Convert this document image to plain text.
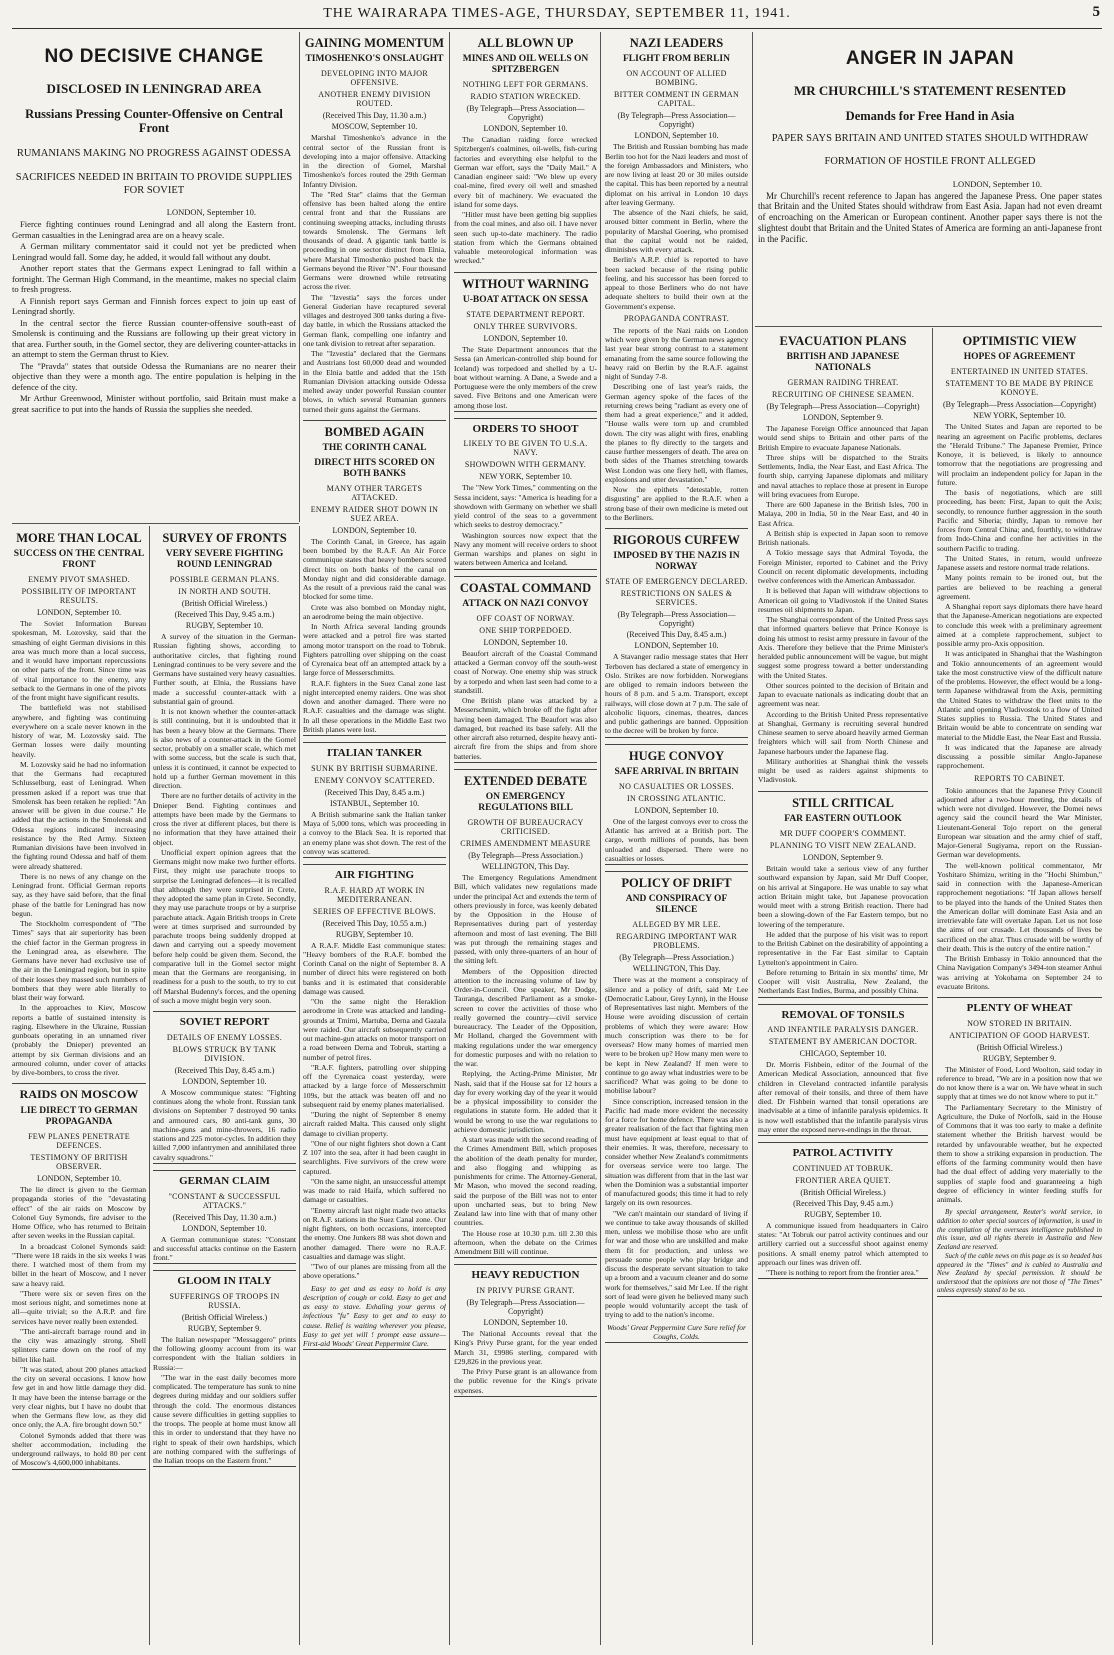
THE WAIRARAPA TIMES-AGE, THURSDAY, SEPTEMBER 11, 1941.	5
NO DECISIVE CHANGE
DISCLOSED IN LENINGRAD AREA
Russians Pressing Counter-Offensive on Central Front
RUMANIANS MAKING NO PROGRESS AGAINST ODESSA
SACRIFICES NEEDED IN BRITAIN TO PROVIDE SUPPLIES FOR SOVIET
LONDON, September 10.

Fierce fighting continues round Leningrad and all along the Eastern front. German casualties in the Leningrad area are on a heavy scale.

A German military commentator said it could not yet be predicted when Leningrad would fall. Some day, he added, it would fall without any doubt.

Another report states that the Germans expect Leningrad to fall within a fortnight. The German High Command, in the meantime, makes no special claim to fresh progress.

A Finnish report says German and Finnish forces expect to join up east of Leningrad shortly.

In the central sector the fierce Russian counter-offensive south-east of Smolensk is continuing and the Russians are following up their great victory in that area. Further south, in the Gomel sector, they are delivering counter-attacks in an attempt to stem the German thrust to Kiev.

The "Pravda" states that outside Odessa the Rumanians are no nearer their objective than they were a month ago. The entire population is helping in the defence of the city.

Mr Arthur Greenwood, Minister without portfolio, said Britain must make a great sacrifice to put into the hands of Russia the supplies she needed.

GAINING MOMENTUM
TIMOSHENKO'S ONSLAUGHT
DEVELOPING INTO MAJOR OFFENSIVE.
ANOTHER ENEMY DIVISION ROUTED.
(Received This Day, 11.30 a.m.)
MOSCOW, September 10.

Marshal Timoshenko's advance in the central sector of the Russian front is developing into a major offensive. Attacking in the direction of Gomel, Marshal Timoshenko's forces routed the 29th German Infantry Division.

The "Red Star" claims that the German offensive has been halted along the entire central front and that the Russians are continuing sweeping attacks, including thrusts towards Smolensk. The Germans left thousands of dead. A gigantic tank battle is proceeding in one sector distinct from Elnia, where Marshal Timoshenko pushed back the Germans beyond the River "N". Four thousand Germans were drowned while retreating across the river.

The "Izvestia" says the forces under General Guderian have recaptured several villages and destroyed 300 tanks during a five-day battle, in which the Russians attacked the German flank, compelling one infantry and one tank division to retreat after separation.

The "Izvestia" declared that the Germans and Austrians lost 60,000 dead and wounded in the Elnia battle and added that the 15th Rumanian Division attacking outside Odessa melted away under powerful Russian counter blows, in which several Rumanian gunners turned their guns against the Germans.

BOMBED AGAIN
THE CORINTH CANAL
DIRECT HITS SCORED ON BOTH BANKS
MANY OTHER TARGETS ATTACKED.
ENEMY RAIDER SHOT DOWN IN SUEZ AREA.
LONDON, September 10.

The Corinth Canal, in Greece, has again been bombed by the R.A.F. An Air Force communique states that heavy bombers scored direct hits on both banks of the canal on Monday night and did considerable damage. As the result of a previous raid the canal was blocked for some time.

Crete was also bombed on Monday night, an aerodrome being the main objective.

In North Africa several landing grounds were attacked and a petrol fire was started among motor transport on the road to Tobruk. Fighters patrolling over shipping on the coast of Cyrenaica beat off an attempted attack by a large force of Messerschmitts.

R.A.F. fighters in the Suez Canal zone last night intercepted enemy raiders. One was shot down and another damaged. There were no R.A.F. casualties and the damage was slight. In all these operations in the Middle East two British planes were lost.

ITALIAN TANKER
SUNK BY BRITISH SUBMARINE.
ENEMY CONVOY SCATTERED.
(Received This Day, 8.45 a.m.)
ISTANBUL, September 10.

A British submarine sank the Italian tanker Maya of 5,000 tons, which was proceeding in a convoy to the Black Sea. It is reported that an enemy plane was shot down. The rest of the convoy was scattered.

AIR FIGHTING
R.A.F. HARD AT WORK IN MEDITERRANEAN.
SERIES OF EFFECTIVE BLOWS.
(Received This Day, 10.55 a.m.)
RUGBY, September 10.

A R.A.F. Middle East communique states: "Heavy bombers of the R.A.F. bombed the Corinth Canal on the night of September 8. A number of direct hits were registered on both banks and it is estimated that considerable damage was caused.

"On the same night the Heraklion aerodrome in Crete was attacked and landing-grounds at Tmimi, Martuba, Derna and Gazala were raided. Our aircraft subsequently carried out machine-gun attacks on motor transport on a road between Derna and Tobruk, starting a number of petrol fires.

"R.A.F. fighters, patrolling over shipping off the Cyrenaica coast yesterday, were attacked by a large force of Messerschmitt 109s, but the attack was beaten off and no subsequent raid by enemy planes materialised.

"During the night of September 8 enemy aircraft raided Malta. This caused only slight damage to civilian property.

"One of our night fighters shot down a Cant Z 107 into the sea, after it had been caught in searchlights. Five survivors of the crew were captured.

"On the same night, an unsuccessful attempt was made to raid Haifa, which suffered no damage or casualties.

"Enemy aircraft last night made two attacks on R.A.F. stations in the Suez Canal zone. Our night fighters, on both occasions, intercepted the enemy. One Junkers 88 was shot down and another damaged. There were no R.A.F. casualties and damage was slight.

"Two of our planes are missing from all the above operations."

Easy to get and as easy to hold is any description of cough or cold. Easy to get and as easy to stave. Exhaling your germs of infectious "fu" Easy to get and to easy to cause. Relief is waiting wherever you please, Easy to get yet will ! prompt ease assure— First-aid Woods' Great Peppermint Cure.

MORE THAN LOCAL
SUCCESS ON THE CENTRAL FRONT
ENEMY PIVOT SMASHED.
POSSIBILITY OF IMPORTANT RESULTS.
LONDON, September 10.

The Soviet Information Bureau spokesman, M. Lozovsky, said that the smashing of eight German divisions in this area was much more than a local success, and it would have important repercussions on other parts of the front. Since time was of vital importance to the enemy, any setback to the Germans in one of the pivots of the front might have significant results.

The battlefield was not stabilised anywhere, and fighting was continuing everywhere on a scale never known in the history of war, M. Lozovsky said. The German losses were daily mounting heavily.

M. Lozovsky said he had no information that the Germans had recaptured Schlusselburg, east of Leningrad. When pressmen asked if a report was true that Smolensk has been retaken he replied: "An answer will be given in due course." He added that the actions in the Smolensk and Odessa regions indicated increasing resistance by the Red Army. Sixteen Rumanian divisions have been involved in the fighting round Odessa and half of them were already shattered.

There is no news of any change on the Leningrad front. Official German reports say, as they have said before, that the final phase of the battle for Leningrad has now begun.

The Stockholm correspondent of "The Times" says that air superiority has been the chief factor in the German progress in the Leningrad area, as elsewhere. The Germans have never had exclusive use of the air in the Leningrad region, but in spite of their losses they massed such numbers of bombers that they were able literally to blast their way forward.

In the approaches to Kiev, Moscow reports a battle of sustained intensity is raging. Elsewhere in the Ukraine, Russian gunboats operating in an unnamed river (probably the Dnieper) prevented an attempt by six German divisions and an armoured column, under cover of attacks by dive-bombers, to cross the river.

RAIDS ON MOSCOW
LIE DIRECT TO GERMAN PROPAGANDA
FEW PLANES PENETRATE DEFENCES.
TESTIMONY OF BRITISH OBSERVER.
LONDON, September 10.

The lie direct is given to the German propaganda stories of the "devastating effect" of the air raids on Moscow by Colonel Guy Symonds, fire adviser to the Home Office, who has returned to Britain after seven weeks in the Russian capital.

In a broadcast Colonel Symonds said: "There were 18 raids in the six weeks I was there. I watched most of them from my billet in the heart of Moscow, and I never saw a heavy raid.

"There were six or seven fires on the most serious night, and sometimes none at all—quite trivial; so the A.R.P. and fire services have never really been extended.

"The anti-aircraft barrage round and in the city was amazingly strong. Shell splinters came down on the roof of my billet like hail.

"It was stated, about 200 planes attacked the city on several occasions. I know how few get in and how little damage they did. It may have been the intense barrage or the very clear nights, but I have no doubt that when the Germans flew low, as they did once only, the A.A. fire brought down 50."

Colonel Symonds added that there was shelter accommodation, including the underground railways, to hold 80 per cent of Moscow's 4,600,000 inhabitants.

SURVEY OF FRONTS
VERY SEVERE FIGHTING ROUND LENINGRAD
POSSIBLE GERMAN PLANS.
IN NORTH AND SOUTH.
(British Official Wireless.)
(Received This Day, 9.45 a.m.)
RUGBY, September 10.

A survey of the situation in the German-Russian fighting shows, according to authoritative circles, that fighting round Leningrad continues to be very severe and the Germans have sustained very heavy casualties. Further south, at Elnia, the Russians have made a successful counter-attack with a substantial gain of ground.

It is not known whether the counter-attack is still continuing, but it is undoubted that it has been a heavy blow at the Germans. There is also news of a counter-attack in the Gomel sector, probably on a smaller scale, which met with some success, but the scale is such that, unless it is continued, it cannot be expected to hold up a further German movement in this direction.

There are no further details of activity in the Dnieper Bend. Fighting continues and attempts have been made by the Germans to cross the river at different places, but there is no information that they have attained their object.

Unofficial expert opinion agrees that the Germans might now make two further efforts. First, they might use parachute troops to surprise the Leningrad defences—it is recalled that although they were surprised in Crete, they adopted the same plan in Crete. Secondly, they may use parachute troops or by a surprise parachute attack. Again British troops in Crete were at times surprised and surrounded by parachute troops being suddenly dropped at dawn and carrying out a speedy movement before help could be given them. Second, the comparative lull in the Gomel sector might mean that the Germans are reorganising, in readiness for a push to the south, to try to cut off Marshal Budenny's forces, and the opening of such a move might begin very soon.

SOVIET REPORT
DETAILS OF ENEMY LOSSES.
BLOWS STRUCK BY TANK DIVISION.
(Received This Day, 8.45 a.m.)
LONDON, September 10.

A Moscow communique states: "Fighting continues along the whole front. Russian tank divisions on September 7 destroyed 90 tanks and armoured cars, 80 anti-tank guns, 30 machine-guns and mine-throwers, 16 radio stations and 225 motor-cycles. In addition they killed 7,000 infantrymen and annihilated three cavalry squadrons."

GERMAN CLAIM
"CONSTANT & SUCCESSFUL ATTACKS."
(Received This Day, 11.30 a.m.)
LONDON, September 10.

A German communique states: "Constant and successful attacks continue on the Eastern front."

GLOOM IN ITALY
SUFFERINGS OF TROOPS IN RUSSIA.
(British Official Wireless.)
RUGBY, September 9.

The Italian newspaper "Messaggero" prints the following gloomy account from its war correspondent with the Italian soldiers in Russia:—

"The war in the east daily becomes more complicated. The temperature has sunk to nine degrees during midday and our soldiers suffer through the cold. The enormous distances cause severe difficulties in getting supplies to the troops. The people at home must know all this in order to understand that they have no right to speak of their own hardships, which are nothing compared with the sufferings of the Italian troops on the Eastern front."

ALL BLOWN UP
MINES AND OIL WELLS ON SPITZBERGEN
NOTHING LEFT FOR GERMANS.
RADIO STATION WRECKED.
(By Telegraph—Press Association—Copyright)
LONDON, September 10.

The Canadian raiding force wrecked Spitzbergen's coalmines, oil-wells, fish-curing factories and everything else helpful to the German war effort, says the "Daily Mail." A Canadian engineer said: "We blew up every coal-mine, fired every oil well and smashed every bit of machinery. We evacuated the island for some days.

"Hitler must have been getting big supplies from the coal mines, and also oil. I have never seen such up-to-date machinery. The radio station from which the Germans obtained valuable meteorological information was wrecked."

WITHOUT WARNING
U-BOAT ATTACK ON SESSA
STATE DEPARTMENT REPORT.
ONLY THREE SURVIVORS.
LONDON, September 10.

The State Department announces that the Sessa (an American-controlled ship bound for Iceland) was torpedoed and shelled by a U-boat without warning. A Dane, a Swede and a Portuguese were the only members of the crew saved. Five Britons and one American were among those lost.

ORDERS TO SHOOT
LIKELY TO BE GIVEN TO U.S.A. NAVY.
SHOWDOWN WITH GERMANY.
NEW YORK, September 10.

The "New York Times," commenting on the Sessa incident, says: "America is heading for a showdown with Germany on whether we shall yield control of the seas to a government which seeks to destroy democracy."

Washington sources now expect that the Navy any moment will receive orders to shoot German warships and planes on sight in waters between America and Iceland.

COASTAL COMMAND
ATTACK ON NAZI CONVOY
OFF COAST OF NORWAY.
ONE SHIP TORPEDOED.
LONDON, September 10.

Beaufort aircraft of the Coastal Command attacked a German convoy off the south-west coast of Norway. One enemy ship was struck by a torpedo and when last seen had come to a standstill.

One British plane was attacked by a Messerschmitt, which broke off the fight after having been damaged. The Beaufort was also damaged, but reached its base safely. All the other aircraft also returned, despite heavy anti-aircraft fire from the ships and from shore batteries.

EXTENDED DEBATE
ON EMERGENCY REGULATIONS BILL
GROWTH OF BUREAUCRACY CRITICISED.
CRIMES AMENDMENT MEASURE
(By Telegraph—Press Association.)
WELLINGTON, This Day.

The Emergency Regulations Amendment Bill, which validates new regulations made under the principal Act and extends the term of others previously in force, was keenly debated by the Opposition in the House of Representatives during part of yesterday afternoon and most of last evening. The Bill was put through the remaining stages and passed, with only three-quarters of an hour of the sitting left.

Members of the Opposition directed attention to the increasing volume of law by Order-in-Council. One speaker, Mr Dodge, Tauranga, described Parliament as a smoke-screen to cover the activities of those who really governed the country—civil service bureaucracy. The Leader of the Opposition, Mr Holland, charged the Government with making regulations under the war emergency for domestic purposes and with no relation to the war.

Replying, the Acting-Prime Minister, Mr Nash, said that if the House sat for 12 hours a day for every working day of the year it would be a physical impossibility to consider the regulations in statute form. He added that it would be wrong to use the war regulations to achieve domestic jurisdiction.

A start was made with the second reading of the Crimes Amendment Bill, which proposes the abolition of the death penalty for murder, and also flogging and whipping as punishments for crime. The Attorney-General, Mr Mason, who moved the second reading, said the purpose of the Bill was not to enter upon uncharted seas, but to bring New Zealand law into line with that of many other countries.

The House rose at 10.30 p.m. till 2.30 this afternoon, when the debate on the Crimes Amendment Bill will continue.

HEAVY REDUCTION
IN PRIVY PURSE GRANT.
(By Telegraph—Press Association—Copyright)
LONDON, September 10.

The National Accounts reveal that the King's Privy Purse grant, for the year ended March 31, £9986 sterling, compared with £29,826 in the previous year.

The Privy Purse grant is an allowance from the public revenue for the King's private expenses.

NAZI LEADERS
FLIGHT FROM BERLIN
ON ACCOUNT OF ALLIED BOMBING.
BITTER COMMENT IN GERMAN CAPITAL.
(By Telegraph—Press Association—Copyright)
LONDON, September 10.

The British and Russian bombing has made Berlin too hot for the Nazi leaders and most of the foreign Ambassadors and Ministers, who are now living at least 20 or 30 miles outside the capital. This has been reported by a neutral diplomat on his arrival in London 10 days after leaving Germany.

The absence of the Nazi chiefs, he said, aroused bitter comment in Berlin, where the popularity of Marshal Goering, who promised that the capital would not be raided, diminishes with every attack.

Berlin's A.R.P. chief is reported to have been sacked because of the rising public feeling, and his successor has been forced to appeal to those Berliners who do not have adequate shelters to build their own at the Government's expense.

PROPAGANDA CONTRAST.

The reports of the Nazi raids on London which were given by the German news agency last year bear strong contrast to a statement emanating from the same source following the heavy raid on Berlin by the R.A.F. against night of Sunday 7-8.

Describing one of last year's raids, the German agency spoke of the faces of the returning crews being "radiant as every one of them had a great experience," and it added, "House walls were torn up and crumbled down. The city was alight with fires, enabling the planes to fly directly to the targets and cause further messengers of death. The area on both sides of the Thames stretching towards West London was one fiery hell, with flames, explosions and utter devastation."

Now the epithets "detestable, rotten disgusting" are applied to the R.A.F. when a strong base of their own medicine is meted out to the Berliners.

RIGOROUS CURFEW
IMPOSED BY THE NAZIS IN NORWAY
STATE OF EMERGENCY DECLARED.
RESTRICTIONS ON SALES & SERVICES.
(By Telegraph—Press Association—Copyright)
(Received This Day, 8.45 a.m.)
LONDON, September 10.

A Stavanger radio message states that Herr Terboven has declared a state of emergency in Oslo. Strikes are now forbidden. Norwegians are obliged to remain indoors between the hours of 8 p.m. and 5 a.m. Transport, except railways, will close down at 7 p.m. The sale of alcoholic liquors, cinemas, theatres, dances and public gatherings are banned. Opposition to the decree will be broken by force.

HUGE CONVOY
SAFE ARRIVAL IN BRITAIN
NO CASUALTIES OR LOSSES.
IN CROSSING ATLANTIC.
LONDON, September 10.

One of the largest convoys ever to cross the Atlantic has arrived at a British port. The cargo, worth millions of pounds, has been unloaded and dispersed. There were no casualties or losses.

POLICY OF DRIFT
AND CONSPIRACY OF SILENCE
ALLEGED BY MR LEE.
REGARDING IMPORTANT WAR PROBLEMS.
(By Telegraph—Press Association.)
WELLINGTON, This Day.

There was at the moment a conspiracy of silence and a policy of drift, said Mr Lee (Democratic Labour, Grey Lynn), in the House of Representatives last night. Members of the House were avoiding discussion of certain problems of which they were aware: How much conscription was there to be for overseas? How many homes of married men were to be broken up? How many men were to be kept in New Zealand? If men were to continue to go away what industries were to be sacrificed? What was going to be done to mobilise labour?

Since conscription, increased tension in the Pacific had made more evident the necessity for a force for home defence. There was also a greater realisation of the fact that fighting men must have equipment at least equal to that of their enemies. It was, therefore, necessary to consider whether New Zealand's commitments for overseas service were too large. The situation was different from that in the last war when the Dominion was a substantial importer of manufactured goods; this time it had to rely largely on its own resources.

"We can't maintain our standard of living if we continue to take away thousands of skilled men, unless we mobilise those who are unfit for war and those who are unskilled and make them fit for production, and unless we persuade some people who play bridge and discuss the desperate servant situation to take up a broom and a vacuum cleaner and do some work for themselves," said Mr Lee. If the right sort of lead were given he believed many such people would voluntarily accept the task of trying to add to the nation's income.

Woods' Great Peppermint Cure Sure relief for Coughs, Colds.

ANGER IN JAPAN
MR CHURCHILL'S STATEMENT RESENTED
Demands for Free Hand in Asia
PAPER SAYS BRITAIN AND UNITED STATES SHOULD WITHDRAW
FORMATION OF HOSTILE FRONT ALLEGED
LONDON, September 10.

Mr Churchill's recent reference to Japan has angered the Japanese Press. One paper states that Britain and the United States should withdraw from East Asia. Japan had not even dreamt of encroaching on the American or European continent. Another paper says there is not the slightest doubt that Britain and the United States of America are forming an anti-Japanese front in the Pacific.

EVACUATION PLANS
BRITISH AND JAPANESE NATIONALS
GERMAN RAIDING THREAT.
RECRUITING OF CHINESE SEAMEN.
(By Telegraph—Press Association—Copyright)
LONDON, September 9.

The Japanese Foreign Office announced that Japan would send ships to Britain and other parts of the British Empire to evacuate Japanese Nationals.

Three ships will be dispatched to the Straits Settlements, India, the Near East, and East Africa. The fourth ship, carrying Japanese diplomats and military and naval attaches to replace those at present in Europe will bring evacuees from Europe.

There are 600 Japanese in the British Isles, 700 in Malaya, 200 in India, 50 in the Near East, and 40 in East Africa.

A British ship is expected in Japan soon to remove British nationals.

A Tokio message says that Admiral Toyoda, the Foreign Minister, reported to Cabinet and the Privy Council on recent diplomatic developments, including twelve conferences with the American Ambassador.

It is believed that Japan will withdraw objections to American oil going to Vladivostok if the United States resumes oil shipments to Japan.

The Shanghai correspondent of the United Press says that informed quarters believe that Prince Konoye is doing his utmost to resist army pressure in favour of the Axis. Therefore they believe that the Prime Minister's heralded public announcement will be vague, but might suggest some progress toward a better understanding with the United States.

Other sources pointed to the decision of Britain and Japan to evacuate nationals as indicating doubt that an agreement was near.

According to the British United Press representative at Shanghai, Germany is recruiting several hundred Chinese seamen to serve aboard heavily armed German freighters which will sail from North Chinese and Japanese harbours under the Japanese flag.

Military authorities at Shanghai think the vessels might be used as raiders against shipments to Vladivostok.

STILL CRITICAL
FAR EASTERN OUTLOOK
MR DUFF COOPER'S COMMENT.
PLANNING TO VISIT NEW ZEALAND.
LONDON, September 9.

Britain would take a serious view of any further southward expansion by Japan, said Mr Duff Cooper, on his arrival at Singapore. He was unable to say what action Britain might take, but Japanese provocation would meet with a strong British reaction. There had been a slowing-down of the Far Eastern tempo, but no lowering of the temperature.

He added that the purpose of his visit was to report to the British Cabinet on the desirability of appointing a representative in the Far East similar to Captain Lyttelton's appointment in Cairo.

Before returning to Britain in six months' time, Mr Cooper will visit Australia, New Zealand, the Netherlands East Indies, Burma, and possibly China.

REMOVAL OF TONSILS
AND INFANTILE PARALYSIS DANGER.
STATEMENT BY AMERICAN DOCTOR.
CHICAGO, September 10.

Dr. Morris Fishbein, editor of the Journal of the American Medical Association, announced that five children in Cleveland contracted infantile paralysis after removal of their tonsils, and three of them have died. Dr Fishbein warned that tonsil operations are inadvisable at a time of infantile paralysis epidemics. It is now well established that the infantile paralysis virus may enter the exposed nerve-endings in the throat.

PATROL ACTIVITY
CONTINUED AT TOBRUK.
FRONTIER AREA QUIET.
(British Official Wireless.)
(Received This Day, 9.45 a.m.)
RUGBY, September 10.

A communique issued from headquarters in Cairo states: "At Tobruk our patrol activity continues and our artillery carried out a successful shoot against enemy positions. A small enemy patrol which attempted to approach our lines was driven off.

"There is nothing to report from the frontier area."

OPTIMISTIC VIEW
HOPES OF AGREEMENT
ENTERTAINED IN UNITED STATES.
STATEMENT TO BE MADE BY PRINCE KONOYE.
(By Telegraph—Press Association—Copyright)
NEW YORK, September 10.

The United States and Japan are reported to be nearing an agreement on Pacific problems, declares the "Herald Tribune." The Japanese Premier, Prince Konoye, it is believed, is likely to announce tomorrow that the negotiations are progressing and will proclaim an independent policy for Japan in the future.

The basis of negotiations, which are still proceeding, has been: First, Japan to quit the Axis; secondly, to renounce further aggression in the south Pacific and Siberia; thirdly, Japan to remove her forces from Central China; and, fourthly, to withdraw from Indo-China and confine her activities in the southern Pacific to trading.

The United States, in return, would unfreeze Japanese assets and restore normal trade relations.

Many points remain to be ironed out, but the parties are believed to be reaching a general agreement.

A Shanghai report says diplomats there have heard that the Japanese-American negotiations are expected to conclude this week with a preliminary agreement aimed at a complete rapprochement, subject to possible army pro-Axis opposition.

It was anticipated in Shanghai that the Washington and Tokio announcements of an agreement would take the most constructive view of the difficult nature of the problems. However, the effect would be a long-term Japanese withdrawal from the Axis, permitting the United States to withdraw the fleet units to the Atlantic and opening Vladivostok to a flow of United States supplies to Russia. The United States and Britain would be able to concentrate on sending war material to the Middle East, the Near East and Russia.

It was indicated that the Japanese are already discussing a possible similar Anglo-Japanese rapprochement.

REPORTS TO CABINET.

Tokio announces that the Japanese Privy Council adjourned after a two-hour meeting, the details of which were not divulged. However, the Domei news agency said the council heard the War Minister, Lieutenant-General Tojo report on the general European war situation and the army chief of staff, Major-General Sugiyama, report on the Russian-German war developments.

The well-known political commentator, Mr Yoshitaro Shimizu, writing in the "Hochi Shimbun," said in connection with the Japanese-American rapprochement negotiations: "If Japan allows herself to be played into the hands of the United States then the American dollar will dominate East Asia and an irretrievable fate will overtake Japan. Let us not lose the aims of our crusade. Let thousands of lives be sacrificed on the altar. Thus crusade will be worthy of their death. This is the outcry of the entire nation."

The British Embassy in Tokio announced that the China Navigation Company's 3494-ton steamer Anhui was arriving at Yokohama on September 24 to evacuate Britons.

PLENTY OF WHEAT
NOW STORED IN BRITAIN.
ANTICIPATION OF GOOD HARVEST.
(British Official Wireless.)
RUGBY, September 9.

The Minister of Food, Lord Woolton, said today in reference to bread, "We are in a position now that we do not know there is a war on. We have wheat in such supply that at times we do not know where to put it."

The Parliamentary Secretary to the Ministry of Agriculture, the Duke of Norfolk, said in the House of Commons that it was too early to make a definite statement whether the British harvest would be retarded by unfavourable weather, but he expected them to show a striking expansion in production. The efforts of the farming community would then have had the dual effect of adding very materially to the supplies of staple food and guaranteeing a high degree of efficiency in winter feeding stuffs for animals.

By special arrangement, Reuter's world service, in addition to other special sources of information, is used in the compilation of the overseas intelligence published in this issue, and all rights therein in Australia and New Zealand are reserved.

Such of the cable news on this page as is so headed has appeared in the "Times" and is cabled to Australia and New Zealand by special permission. It should be understood that the opinions are not those of "The Times" unless expressly stated to be so.
